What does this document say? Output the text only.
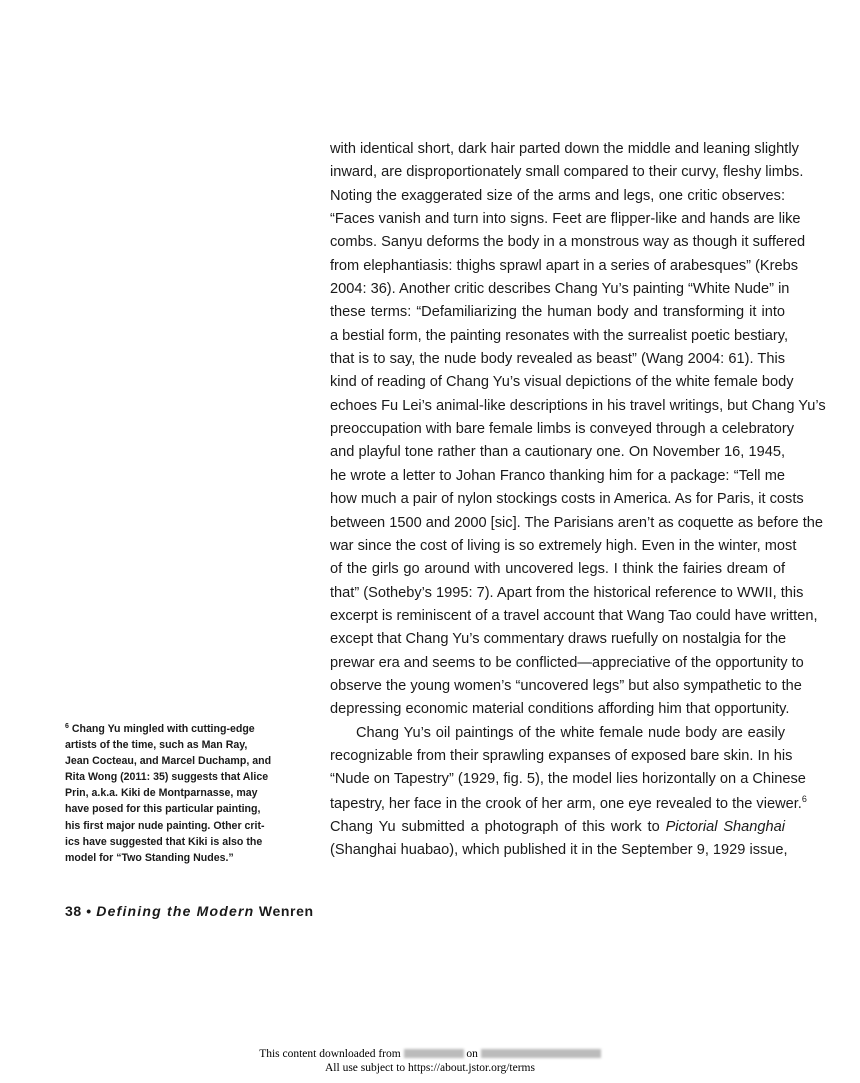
with identical short, dark hair parted down the middle and leaning slightly
inward, are disproportionately small compared to their curvy, fleshy limbs.
Noting the exaggerated size of the arms and legs, one critic observes:
“Faces vanish and turn into signs. Feet are flipper-like and hands are like
combs. Sanyu deforms the body in a monstrous way as though it suffered
from elephantiasis: thighs sprawl apart in a series of arabesques” (Krebs
2004: 36). Another critic describes Chang Yu’s painting “White Nude” in
these terms: “Defamiliarizing the human body and transforming it into
a bestial form, the painting resonates with the surrealist poetic bestiary,
that is to say, the nude body revealed as beast” (Wang 2004: 61). This
kind of reading of Chang Yu’s visual depictions of the white female body
echoes Fu Lei’s animal-like descriptions in his travel writings, but Chang Yu’s
preoccupation with bare female limbs is conveyed through a celebratory
and playful tone rather than a cautionary one. On November 16, 1945,
he wrote a letter to Johan Franco thanking him for a package: “Tell me
how much a pair of nylon stockings costs in America. As for Paris, it costs
between 1500 and 2000 [sic]. The Parisians aren’t as coquette as before the
war since the cost of living is so extremely high. Even in the winter, most
of the girls go around with uncovered legs. I think the fairies dream of
that” (Sotheby’s 1995: 7). Apart from the historical reference to WWII, this
excerpt is reminiscent of a travel account that Wang Tao could have written,
except that Chang Yu’s commentary draws ruefully on nostalgia for the
prewar era and seems to be conflicted—appreciative of the opportunity to
observe the young women’s “uncovered legs” but also sympathetic to the
depressing economic material conditions affording him that opportunity.
Chang Yu’s oil paintings of the white female nude body are easily
recognizable from their sprawling expanses of exposed bare skin. In his
“Nude on Tapestry” (1929, fig. 5), the model lies horizontally on a Chinese
tapestry, her face in the crook of her arm, one eye revealed to the viewer.$^6$
Chang Yu submitted a photograph of this work to Pictorial Shanghai
(Shanghai huabao), which published it in the September 9, 1929 issue,
$^6$ Chang Yu mingled with cutting-edge
artists of the time, such as Man Ray,
Jean Cocteau, and Marcel Duchamp, and
Rita Wong (2011: 35) suggests that Alice
Prin, a.k.a. Kiki de Montparnasse, may
have posed for this particular painting,
his first major nude painting. Other crit-
ics have suggested that Kiki is also the
model for “Two Standing Nudes.”
38 • Defining the Modern Wenren
This content downloaded from	on
All use subject to https://about.jstor.org/terms
